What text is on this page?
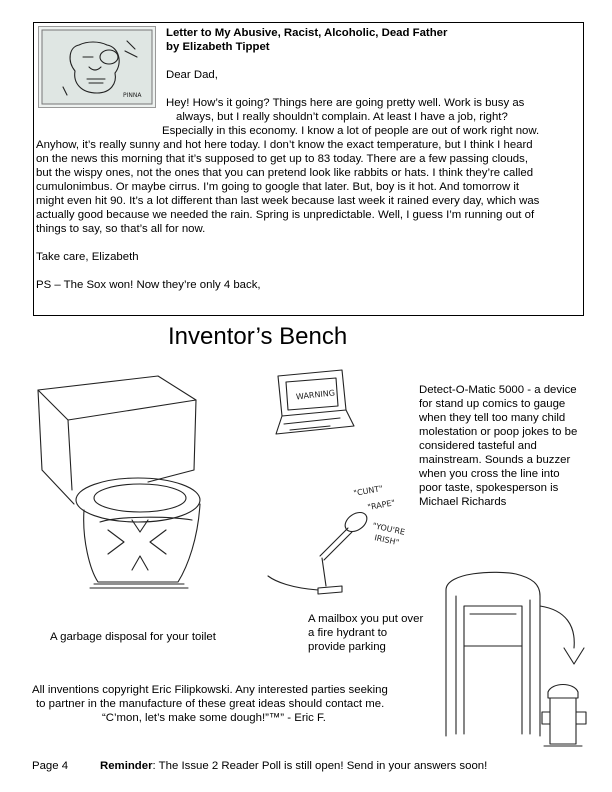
PINNA
Letter to My Abusive, Racist, Alcoholic, Dead Father
by Elizabeth Tippet
Dear Dad,
Hey! How’s it going? Things here are going pretty well. Work is busy as
always, but I really shouldn’t complain. At least I have a job, right?
Especially in this economy. I know a lot of people are out of work right now.
Anyhow, it’s really sunny and hot here today. I don’t know the exact temperature, but I think I heard
on the news this morning that it’s supposed to get up to 83 today. There are a few passing clouds,
but the wispy ones, not the ones that you can pretend look like rabbits or hats. I think they’re called
cumulonimbus. Or maybe cirrus. I’m going to google that later. But, boy is it hot. And tomorrow it
might even hit 90. It’s a lot different than last week because last week it rained every day, which was
actually good because we needed the rain. Spring is unpredictable. Well, I guess I’m running out of
things to say, so that’s all for now.
Take care, Elizabeth
PS – The Sox won! Now they’re only 4 back,
Inventor’s Bench
WARNING	Detect-O-Matic 5000 - a device
for stand up comics to gauge
when they tell too many child
molestation or poop jokes to be
considered tasteful and
mainstream. Sounds a buzzer
when you cross the line into
poor taste, spokesperson is
Michael Richards
"CUNT"
"RAPE"
"YOU'RE
IRISH"
A garbage disposal for your toilet
A mailbox you put over
a fire hydrant to
provide parking
All inventions copyright Eric Filipkowski. Any interested parties seeking
to partner in the manufacture of these great ideas should contact me.
“C’mon, let’s make some dough!”™” - Eric F.
Page 4	Reminder: The Issue 2 Reader Poll is still open! Send in your answers soon!
